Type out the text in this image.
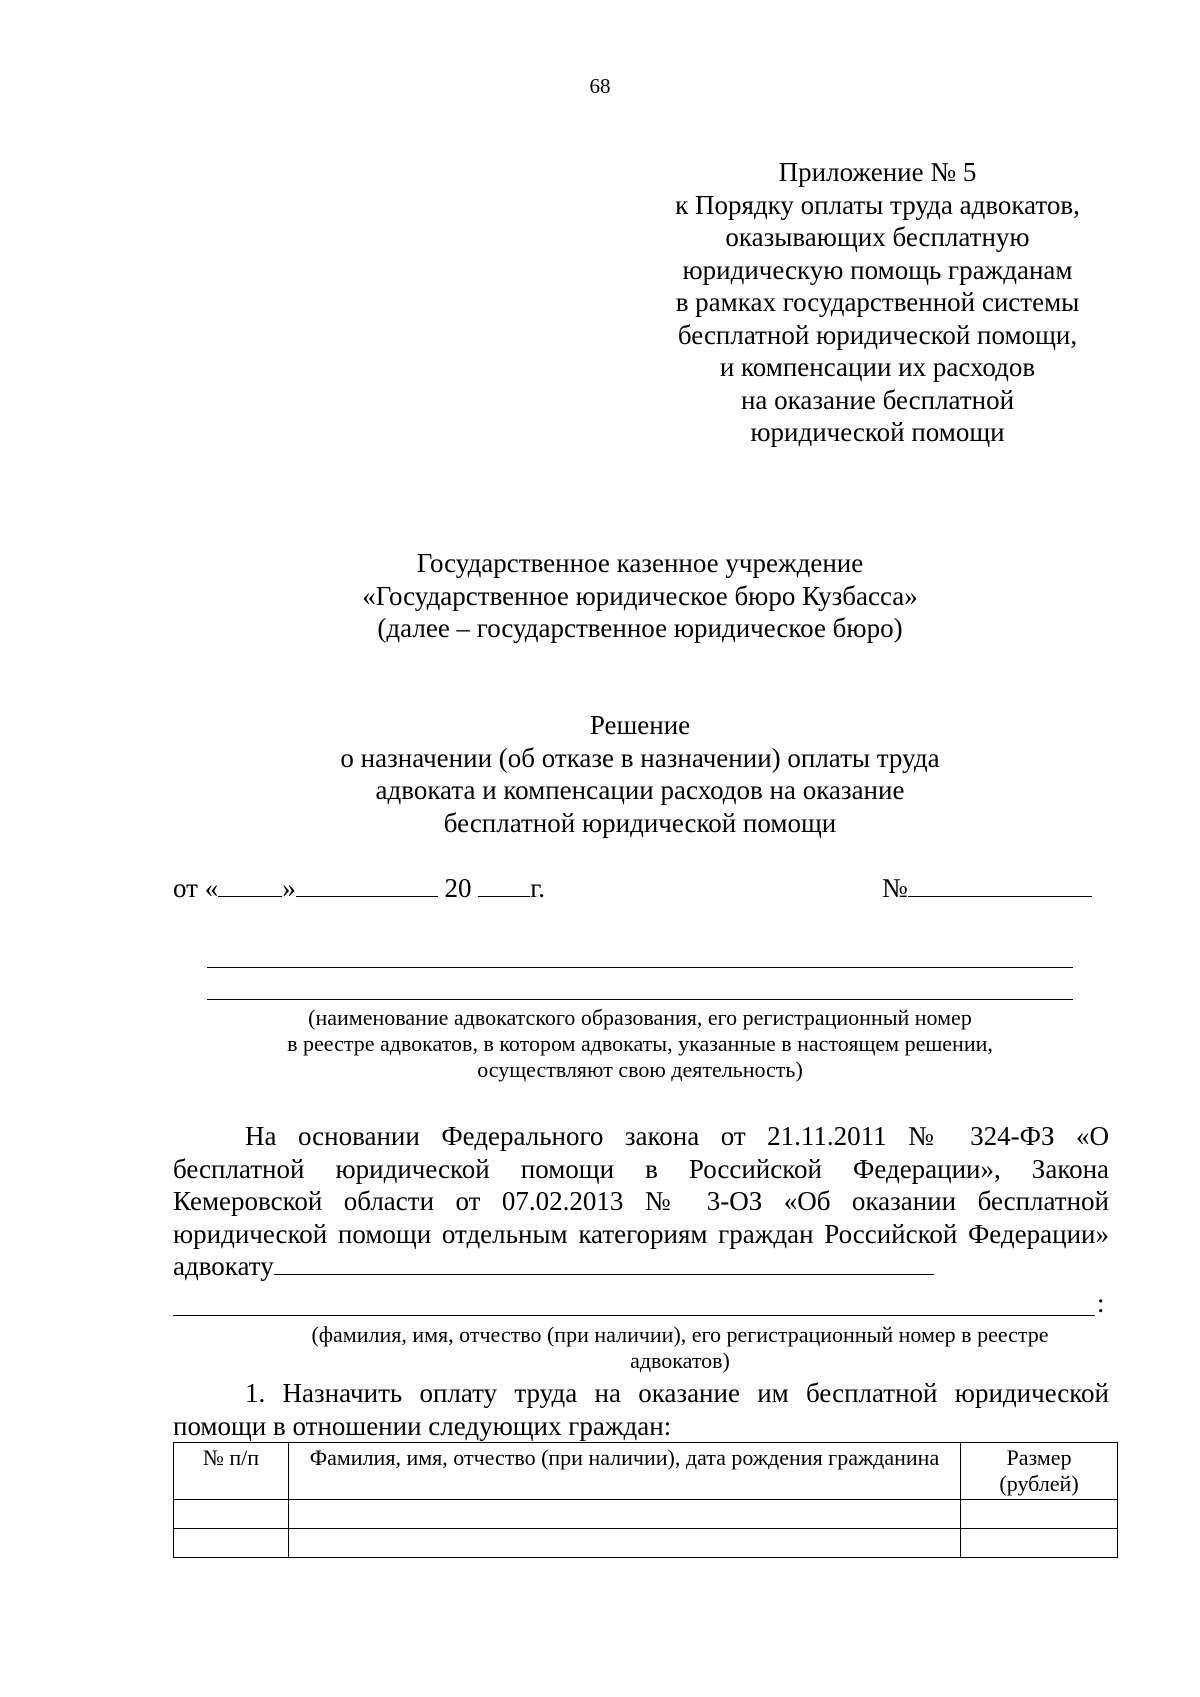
68
Приложение № 5
к Порядку оплаты труда адвокатов,
оказывающих бесплатную
юридическую помощь гражданам
в рамках государственной системы
бесплатной юридической помощи,
и компенсации их расходов
на оказание бесплатной
юридической помощи
Государственное казенное учреждение
«Государственное юридическое бюро Кузбасса»
(далее – государственное юридическое бюро)
Решение
о назначении (об отказе в назначении) оплаты труда
адвоката и компенсации расходов на оказание
бесплатной юридической помощи
от « »	20 г.	№
(наименование адвокатского образования, его регистрационный номер
в реестре адвокатов, в котором адвокаты, указанные в настоящем решении,
осуществляют свою деятельность)

На основании Федерального закона от 21.11.2011 № 324-ФЗ «О бесплатной юридической помощи в Российской Федерации», Закона Кемеровской области от 07.02.2013 № 3-ОЗ «Об оказании бесплатной юридической помощи отдельным категориям граждан Российской Федерации» адвокату

:
(фамилия, имя, отчество (при наличии), его регистрационный номер в реестре
адвокатов)

1. Назначить оплату труда на оказание им бесплатной юридической помощи в отношении следующих граждан:

№ п/п	Фамилия, имя, отчество (при наличии), дата рождения гражданина	Размер (рублей)
